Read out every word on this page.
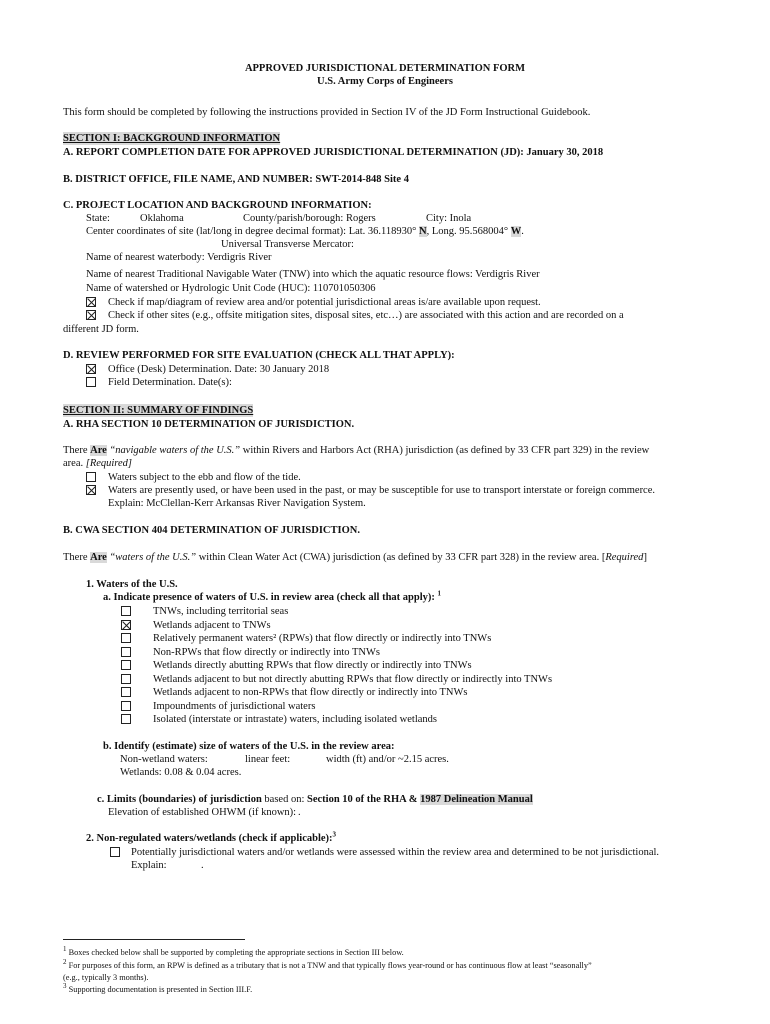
APPROVED JURISDICTIONAL DETERMINATION FORM
U.S. Army Corps of Engineers
This form should be completed by following the instructions provided in Section IV of the JD Form Instructional Guidebook.
SECTION I: BACKGROUND INFORMATION
A. REPORT COMPLETION DATE FOR APPROVED JURISDICTIONAL DETERMINATION (JD): January 30, 2018
B. DISTRICT OFFICE, FILE NAME, AND NUMBER: SWT-2014-848 Site 4
C. PROJECT LOCATION AND BACKGROUND INFORMATION:
State:	Oklahoma	County/parish/borough: Rogers	City: Inola
Center coordinates of site (lat/long in degree decimal format): Lat. 36.118930° N, Long. 95.568004° W.
Universal Transverse Mercator:
Name of nearest waterbody: Verdigris River
Name of nearest Traditional Navigable Water (TNW) into which the aquatic resource flows: Verdigris River
Name of watershed or Hydrologic Unit Code (HUC): 110701050306
Check if map/diagram of review area and/or potential jurisdictional areas is/are available upon request.
Check if other sites (e.g., offsite mitigation sites, disposal sites, etc…) are associated with this action and are recorded on a
different JD form.
D. REVIEW PERFORMED FOR SITE EVALUATION (CHECK ALL THAT APPLY):
Office (Desk) Determination. Date: 30 January 2018
Field Determination. Date(s):
SECTION II: SUMMARY OF FINDINGS
A. RHA SECTION 10 DETERMINATION OF JURISDICTION.
There Are “navigable waters of the U.S.” within Rivers and Harbors Act (RHA) jurisdiction (as defined by 33 CFR part 329) in the review
area. [Required]
Waters subject to the ebb and flow of the tide.
Waters are presently used, or have been used in the past, or may be susceptible for use to transport interstate or foreign commerce.
Explain: McClellan-Kerr Arkansas River Navigation System.
B. CWA SECTION 404 DETERMINATION OF JURISDICTION.
There Are “waters of the U.S.” within Clean Water Act (CWA) jurisdiction (as defined by 33 CFR part 328) in the review area. [Required]
1. Waters of the U.S.
a. Indicate presence of waters of U.S. in review area (check all that apply): $^1$
TNWs, including territorial seas
Wetlands adjacent to TNWs
Relatively permanent waters² (RPWs) that flow directly or indirectly into TNWs
Non-RPWs that flow directly or indirectly into TNWs
Wetlands directly abutting RPWs that flow directly or indirectly into TNWs
Wetlands adjacent to but not directly abutting RPWs that flow directly or indirectly into TNWs
Wetlands adjacent to non-RPWs that flow directly or indirectly into TNWs
Impoundments of jurisdictional waters
Isolated (interstate or intrastate) waters, including isolated wetlands
b. Identify (estimate) size of waters of the U.S. in the review area:
Non-wetland waters:	linear feet:	width (ft) and/or ~2.15 acres.
Wetlands: 0.08 & 0.04 acres.
c. Limits (boundaries) of jurisdiction based on: Section 10 of the RHA & 1987 Delineation Manual
Elevation of established OHWM (if known): .
2. Non-regulated waters/wetlands (check if applicable):$^3$
Potentially jurisdictional waters and/or wetlands were assessed within the review area and determined to be not jurisdictional.
Explain:	.
$^1$ Boxes checked below shall be supported by completing the appropriate sections in Section III below.
$^2$ For purposes of this form, an RPW is defined as a tributary that is not a TNW and that typically flows year-round or has continuous flow at least “seasonally”
(e.g., typically 3 months).
$^3$ Supporting documentation is presented in Section III.F.
